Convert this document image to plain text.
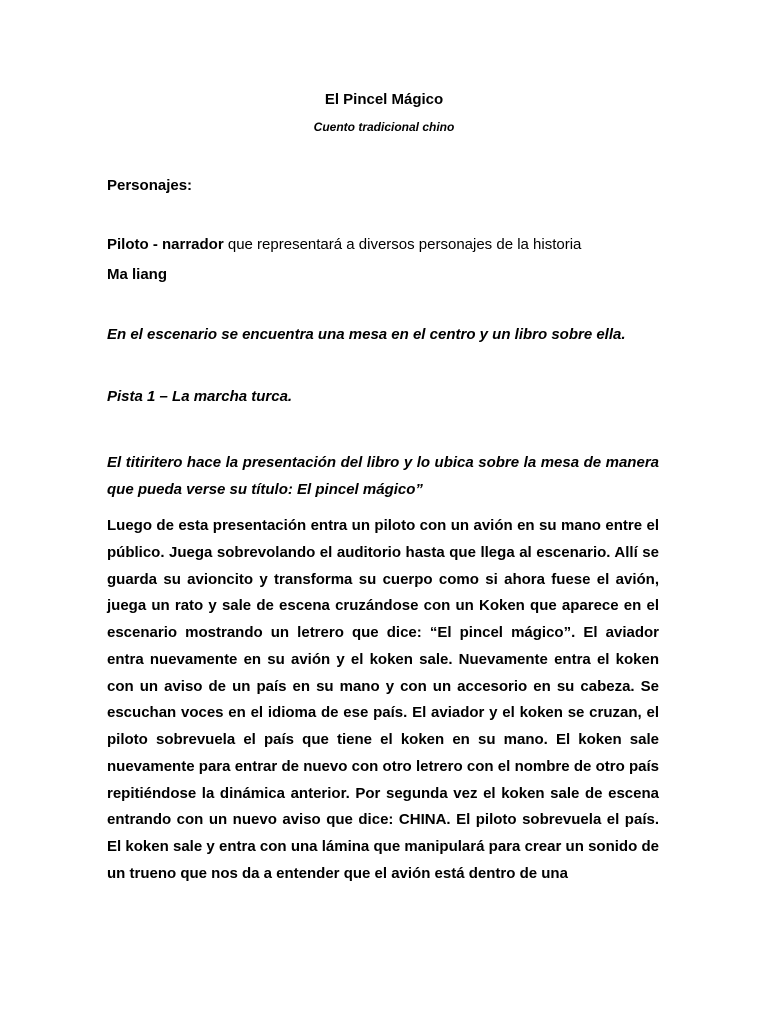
El Pincel Mágico

Cuento tradicional chino

Personajes:

Piloto - narrador que representará a diversos personajes de la historia

Ma liang

En el escenario se encuentra una mesa en el centro y un libro sobre ella.

Pista 1 – La marcha turca.

El titiritero hace la presentación del libro y lo ubica sobre la mesa de manera que pueda verse su título: El pincel mágico”

Luego de esta presentación entra un piloto con un avión en su mano entre el público. Juega sobrevolando el auditorio hasta que llega al escenario. Allí se guarda su avioncito y transforma su cuerpo como si ahora fuese el avión, juega un rato y sale de escena cruzándose con un Koken que aparece en el escenario mostrando un letrero que dice: “El pincel mágico”. El aviador entra nuevamente en su avión y el koken sale. Nuevamente entra el koken con un aviso de un país en su mano y con un accesorio en su cabeza. Se escuchan voces en el idioma de ese país. El aviador y el koken se cruzan, el piloto sobrevuela el país que tiene el koken en su mano. El koken sale nuevamente para entrar de nuevo con otro letrero con el nombre de otro país repitiéndose la dinámica anterior. Por segunda vez el koken sale de escena entrando con un nuevo aviso que dice: CHINA. El piloto sobrevuela el país. El koken sale y entra con una lámina que manipulará para crear un sonido de un trueno que nos da a entender que el avión está dentro de una
